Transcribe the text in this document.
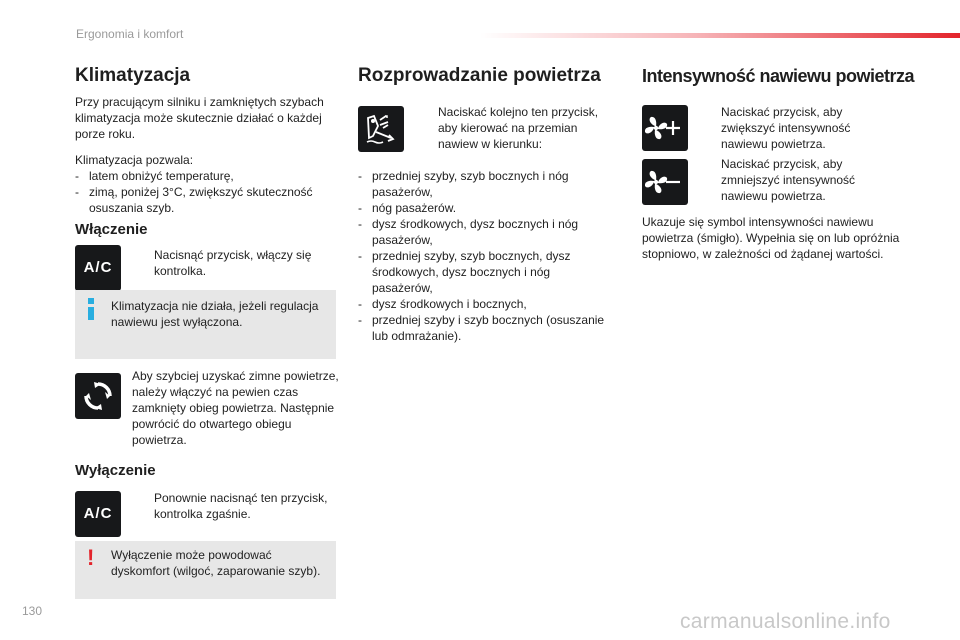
Ergonomia i komfort
Klimatyzacja

Przy pracującym silniku i zamkniętych szybach klimatyzacja może skutecznie działać o każdej porze roku.

Klimatyzacja pozwala:

- latem obniżyć temperaturę,
- zimą, poniżej 3°C, zwiększyć skuteczność osuszania szyb.
Włączenie
A/C

Nacisnąć przycisk, włączy się kontrolka.

Klimatyzacja nie działa, jeżeli regulacja nawiewu jest wyłączona.

Aby szybciej uzyskać zimne powietrze, należy włączyć na pewien czas zamknięty obieg powietrza. Następnie powrócić do otwartego obiegu powietrza.

Wyłączenie
A/C

Ponownie nacisnąć ten przycisk, kontrolka zgaśnie.

! Wyłączenie może powodować dyskomfort (wilgoć, zaparowanie szyb).

Rozprowadzanie powietrza

Naciskać kolejno ten przycisk, aby kierować na przemian nawiew w kierunku:

- przedniej szyby, szyb bocznych i nóg pasażerów,
- nóg pasażerów.
- dysz środkowych, dysz bocznych i nóg pasażerów,
- przedniej szyby, szyb bocznych, dysz środkowych, dysz bocznych i nóg pasażerów,
- dysz środkowych i bocznych,
- przedniej szyby i szyb bocznych (osuszanie lub odmrażanie).
Intensywność nawiewu powietrza

Naciskać przycisk, aby zwiększyć intensywność nawiewu powietrza.

Naciskać przycisk, aby zmniejszyć intensywność nawiewu powietrza.

Ukazuje się symbol intensywności nawiewu powietrza (śmigło). Wypełnia się on lub opróżnia stopniowo, w zależności od żądanej wartości.

130	carmanualsonline.info
